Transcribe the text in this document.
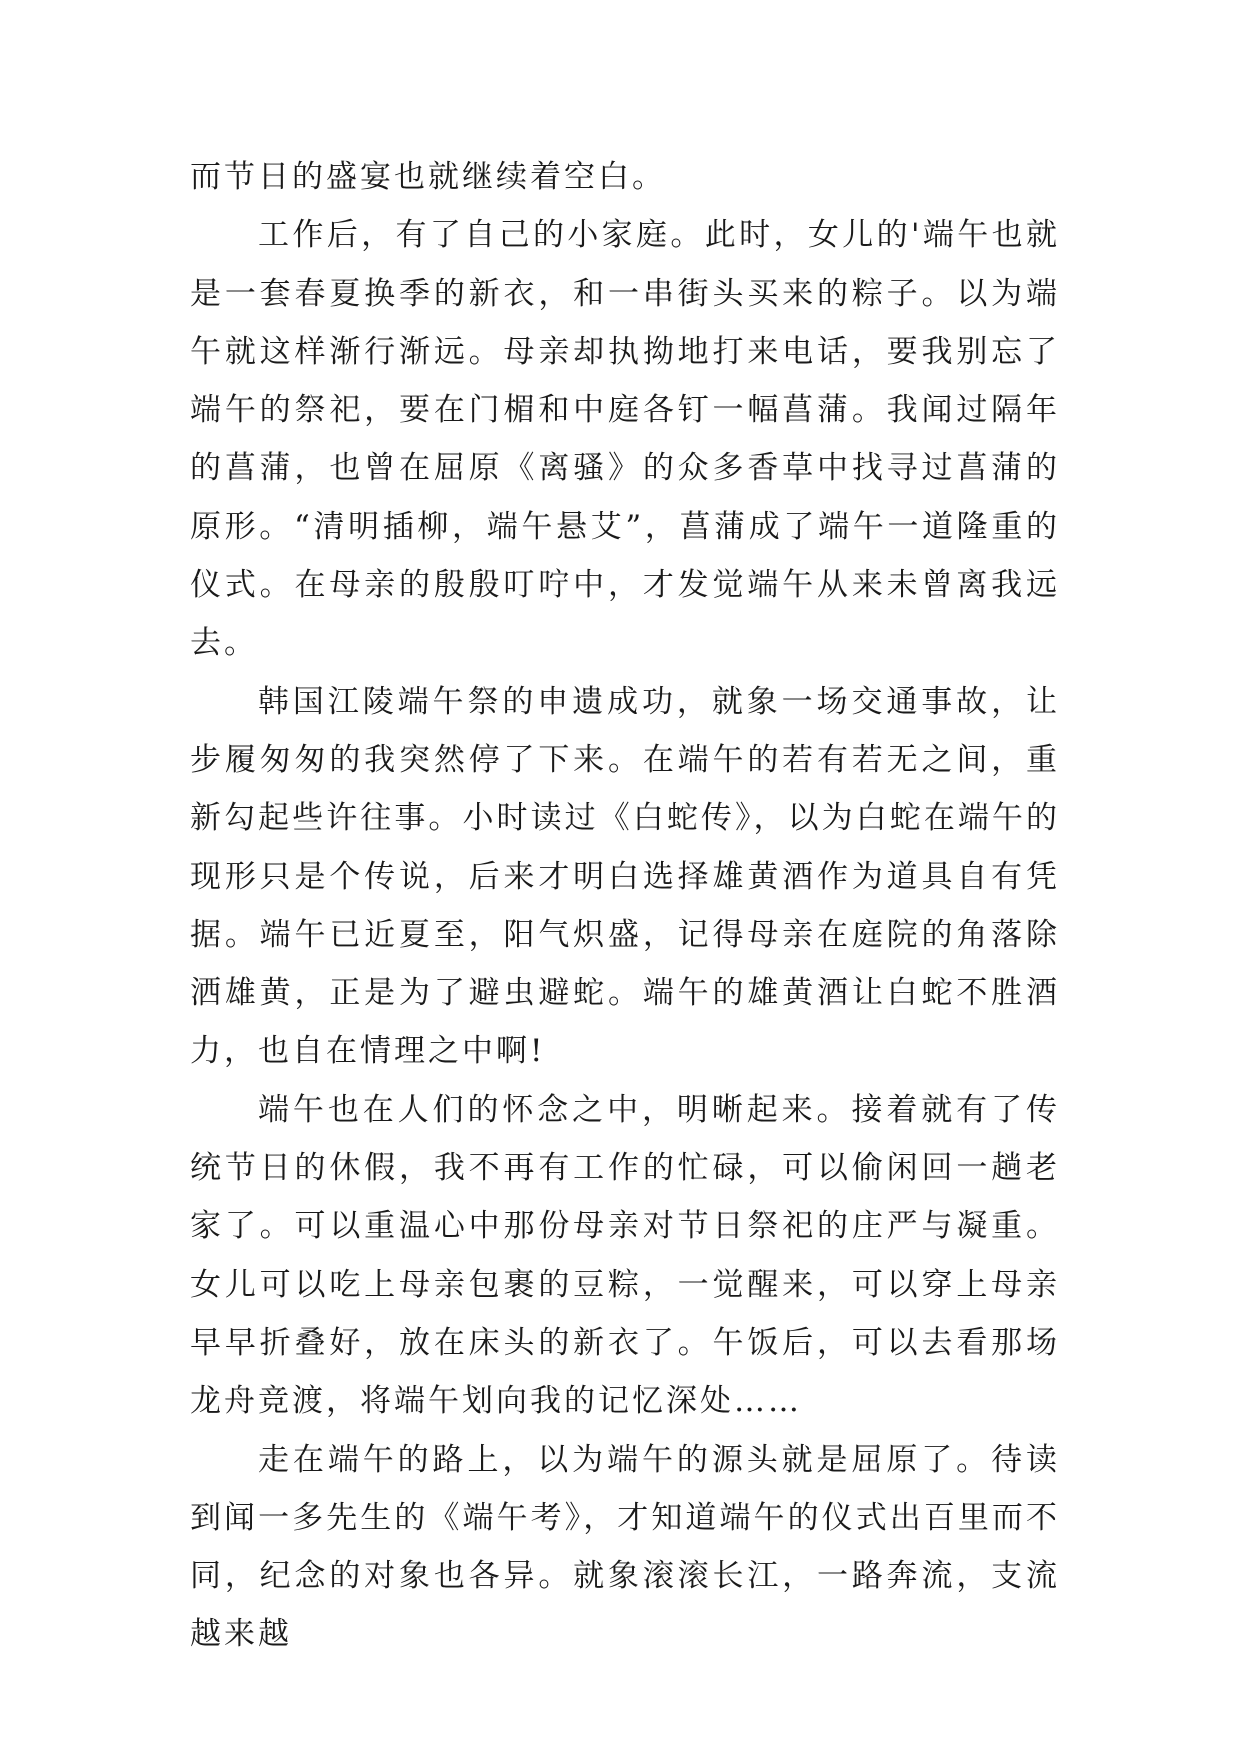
而节日的盛宴也就继续着空白。

工作后，有了自己的小家庭。此时，女儿的'端午也就是一套春夏换季的新衣，和一串街头买来的粽子。以为端午就这样渐行渐远。母亲却执拗地打来电话，要我别忘了端午的祭祀，要在门楣和中庭各钉一幅菖蒲。我闻过隔年的菖蒲，也曾在屈原《离骚》的众多香草中找寻过菖蒲的原形。“清明插柳，端午悬艾”，菖蒲成了端午一道隆重的仪式。在母亲的殷殷叮咛中，才发觉端午从来未曾离我远去。

韩国江陵端午祭的申遗成功，就象一场交通事故，让步履匆匆的我突然停了下来。在端午的若有若无之间，重新勾起些许往事。小时读过《白蛇传》，以为白蛇在端午的现形只是个传说，后来才明白选择雄黄酒作为道具自有凭据。端午已近夏至，阳气炽盛，记得母亲在庭院的角落除洒雄黄，正是为了避虫避蛇。端午的雄黄酒让白蛇不胜酒力，也自在情理之中啊!

端午也在人们的怀念之中，明晰起来。接着就有了传统节日的休假，我不再有工作的忙碌，可以偷闲回一趟老家了。可以重温心中那份母亲对节日祭祀的庄严与凝重。女儿可以吃上母亲包裹的豆粽，一觉醒来，可以穿上母亲早早折叠好，放在床头的新衣了。午饭后，可以去看那场龙舟竞渡，将端午划向我的记忆深处……

走在端午的路上，以为端午的源头就是屈原了。待读到闻一多先生的《端午考》，才知道端午的仪式出百里而不同，纪念的对象也各异。就象滚滚长江，一路奔流，支流越来越
